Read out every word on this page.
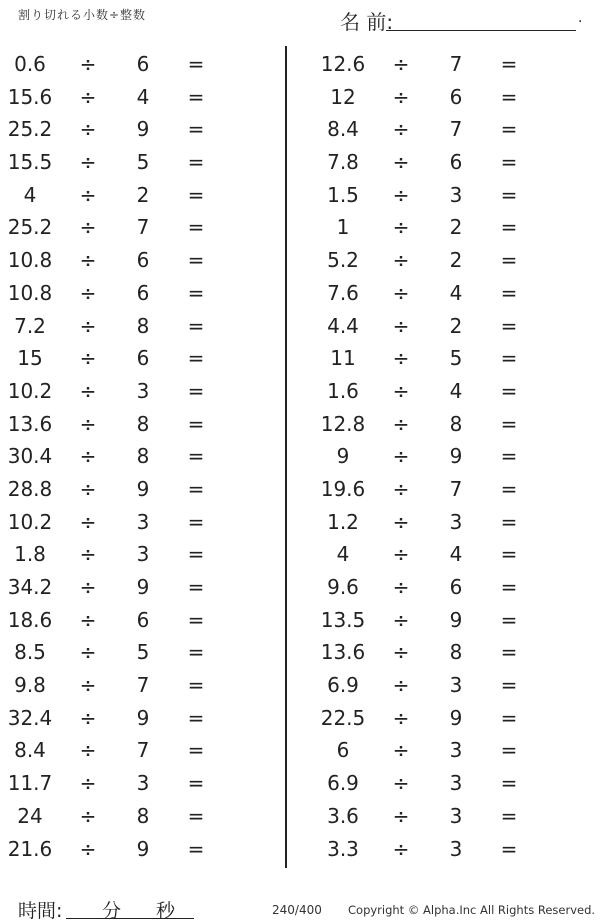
割り切れる小数÷整数	名 前:	.
0.6	÷	6	=
15.6	÷	4	=
25.2	÷	9	=
15.5	÷	5	=
4	÷	2	=
25.2	÷	7	=
10.8	÷	6	=
10.8	÷	6	=
7.2	÷	8	=
15	÷	6	=
10.2	÷	3	=
13.6	÷	8	=
30.4	÷	8	=
28.8	÷	9	=
10.2	÷	3	=
1.8	÷	3	=
34.2	÷	9	=
18.6	÷	6	=
8.5	÷	5	=
9.8	÷	7	=
32.4	÷	9	=
8.4	÷	7	=
11.7	÷	3	=
24	÷	8	=
21.6	÷	9	=
12.6	÷	7	=
12	÷	6	=
8.4	÷	7	=
7.8	÷	6	=
1.5	÷	3	=
1	÷	2	=
5.2	÷	2	=
7.6	÷	4	=
4.4	÷	2	=
11	÷	5	=
1.6	÷	4	=
12.8	÷	8	=
9	÷	9	=
19.6	÷	7	=
1.2	÷	3	=
4	÷	4	=
9.6	÷	6	=
13.5	÷	9	=
13.6	÷	8	=
6.9	÷	3	=
22.5	÷	9	=
6	÷	3	=
6.9	÷	3	=
3.6	÷	3	=
3.3	÷	3	=
時間: 分 秒	240/400 Copyright © Alpha.Inc All Rights Reserved.
